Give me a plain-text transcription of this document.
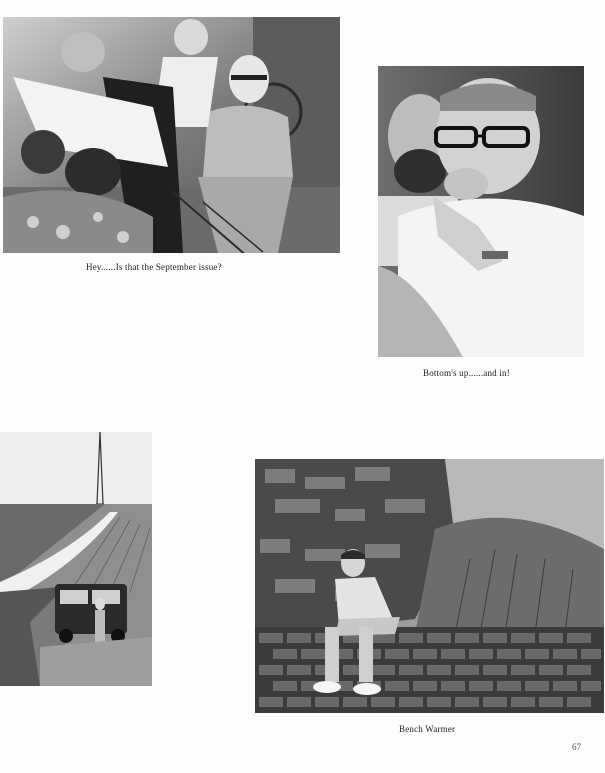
Hey......Is that the September issue?
Bottom's up......and in!
Bench Warmer
67
